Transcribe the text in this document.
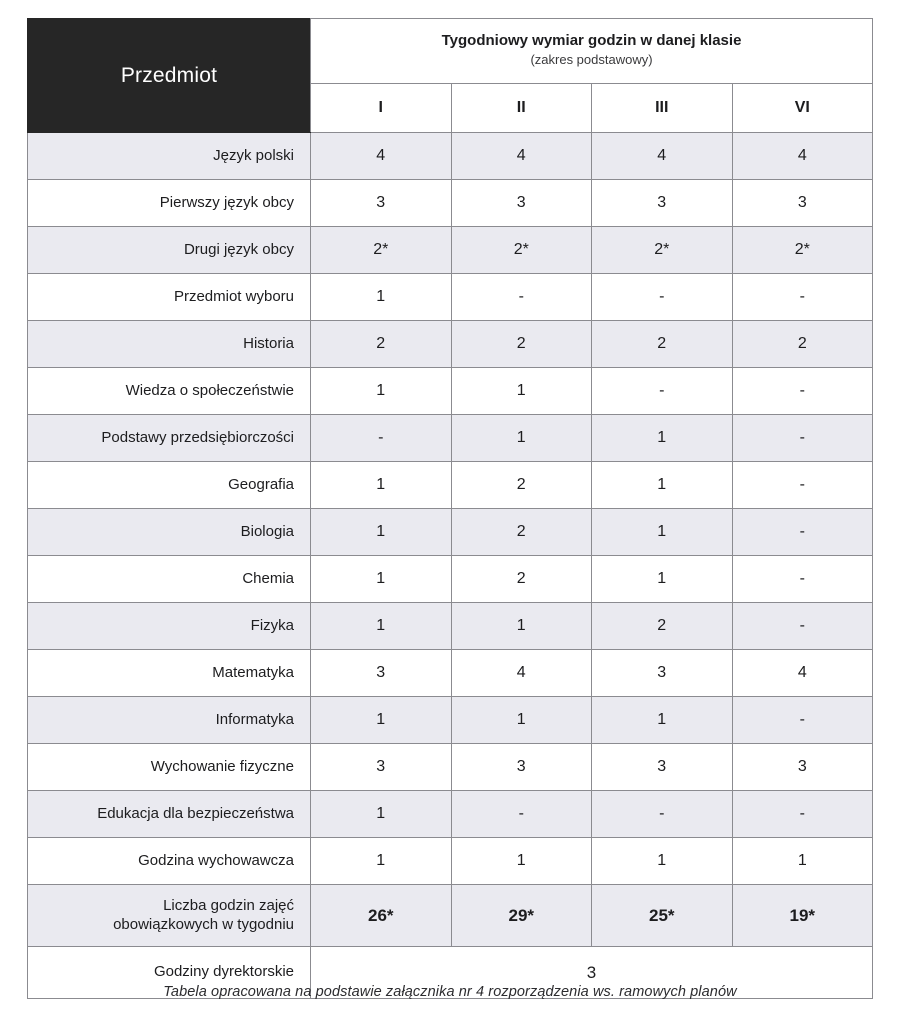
Przedmiot	Tygodniowy wymiar godzin w danej klasie
(zakres podstawowy)			

	I	II	III	VI
Język polski	4	4	4	4
Pierwszy język obcy	3	3	3	3
Drugi język obcy	2*	2*	2*	2*
Przedmiot wyboru	1	-	-	-
Historia	2	2	2	2
Wiedza o społeczeństwie	1	1	-	-
Podstawy przedsiębiorczości	-	1	1	-
Geografia	1	2	1	-
Biologia	1	2	1	-
Chemia	1	2	1	-
Fizyka	1	1	2	-
Matematyka	3	4	3	4
Informatyka	1	1	1	-
Wychowanie fizyczne	3	3	3	3
Edukacja dla bezpieczeństwa	1	-	-	-
Godzina wychowawcza	1	1	1	1
Liczba godzin zajęć
obowiązkowych w tygodniu	26*	29*	25*	19*
Godziny dyrektorskie	3			
Tabela opracowana na podstawie załącznika nr 4 rozporządzenia ws. ramowych planów
